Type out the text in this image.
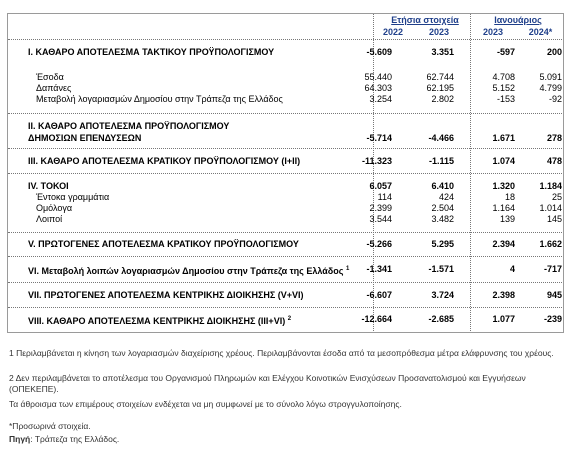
Ετήσια στοιχεία	Ιανουάριος
2022	2023	2023	2024*
Ι. ΚΑΘΑΡΟ ΑΠΟΤΕΛΕΣΜΑ ΤΑΚΤΙΚΟΥ ΠΡΟΫΠΟΛΟΓΙΣΜΟΥ	-5.609	3.351	-597	200
Έσοδα	55.440	62.744	4.708	5.091
Δαπάνες	64.303	62.195	5.152	4.799
Μεταβολή λογαριασμών Δημοσίου στην Τράπεζα της Ελλάδος	3.254	2.802	-153	-92
ΙΙ. ΚΑΘΑΡΟ ΑΠΟΤΕΛΕΣΜΑ ΠΡΟΫΠΟΛΟΓΙΣΜΟΥ
ΔΗΜΟΣΙΩΝ ΕΠΕΝΔΥΣΕΩΝ	-5.714	-4.466	1.671	278
ΙΙΙ. ΚΑΘΑΡΟ ΑΠΟΤΕΛΕΣΜΑ ΚΡΑΤΙΚΟΥ ΠΡΟΫΠΟΛΟΓΙΣΜΟΥ (Ι+ΙΙ)	-11.323	-1.115	1.074	478
IV. ΤΟΚΟΙ	6.057	6.410	1.320	1.184
Έντοκα γραμμάτια	114	424	18	25
Ομόλογα	2.399	2.504	1.164	1.014
Λοιποί	3.544	3.482	139	145
V. ΠΡΩΤΟΓΕΝΕΣ ΑΠΟΤΕΛΕΣΜΑ ΚΡΑΤΙΚΟΥ ΠΡΟΫΠΟΛΟΓΙΣΜΟΥ	-5.266	5.295	2.394	1.662
VI. Μεταβολή λοιπών λογαριασμών Δημοσίου στην Τράπεζα της Ελλάδος $^1$	-1.341	-1.571	4	-717
VII. ΠΡΩΤΟΓΕΝΕΣ ΑΠΟΤΕΛΕΣΜΑ ΚΕΝΤΡΙΚΗΣ ΔΙΟΙΚΗΣΗΣ (V+VI)	-6.607	3.724	2.398	945
VIII. ΚΑΘΑΡΟ ΑΠΟΤΕΛΕΣΜΑ ΚΕΝΤΡΙΚΗΣ ΔΙΟΙΚΗΣΗΣ (III+VI) $^2$	-12.664	-2.685	1.077	-239
1 Περιλαμβάνεται η κίνηση των λογαριασμών διαχείρισης χρέους. Περιλαμβάνονται έσοδα από τα μεσοπρόθεσμα μέτρα ελάφρυνσης του χρέους.
2 Δεν περιλαμβάνεται το αποτέλεσμα του Οργανισμού Πληρωμών και Ελέγχου Κοινοτικών Ενισχύσεων Προσανατολισμού και Εγγυήσεων (ΟΠΕΚΕΠΕ).
Τα άθροισμα των επιμέρους στοιχείων ενδέχεται να μη συμφωνεί με το σύνολο λόγω στρογγυλοποίησης.
*Προσωρινά στοιχεία.
Πηγή: Τράπεζα της Ελλάδος.
